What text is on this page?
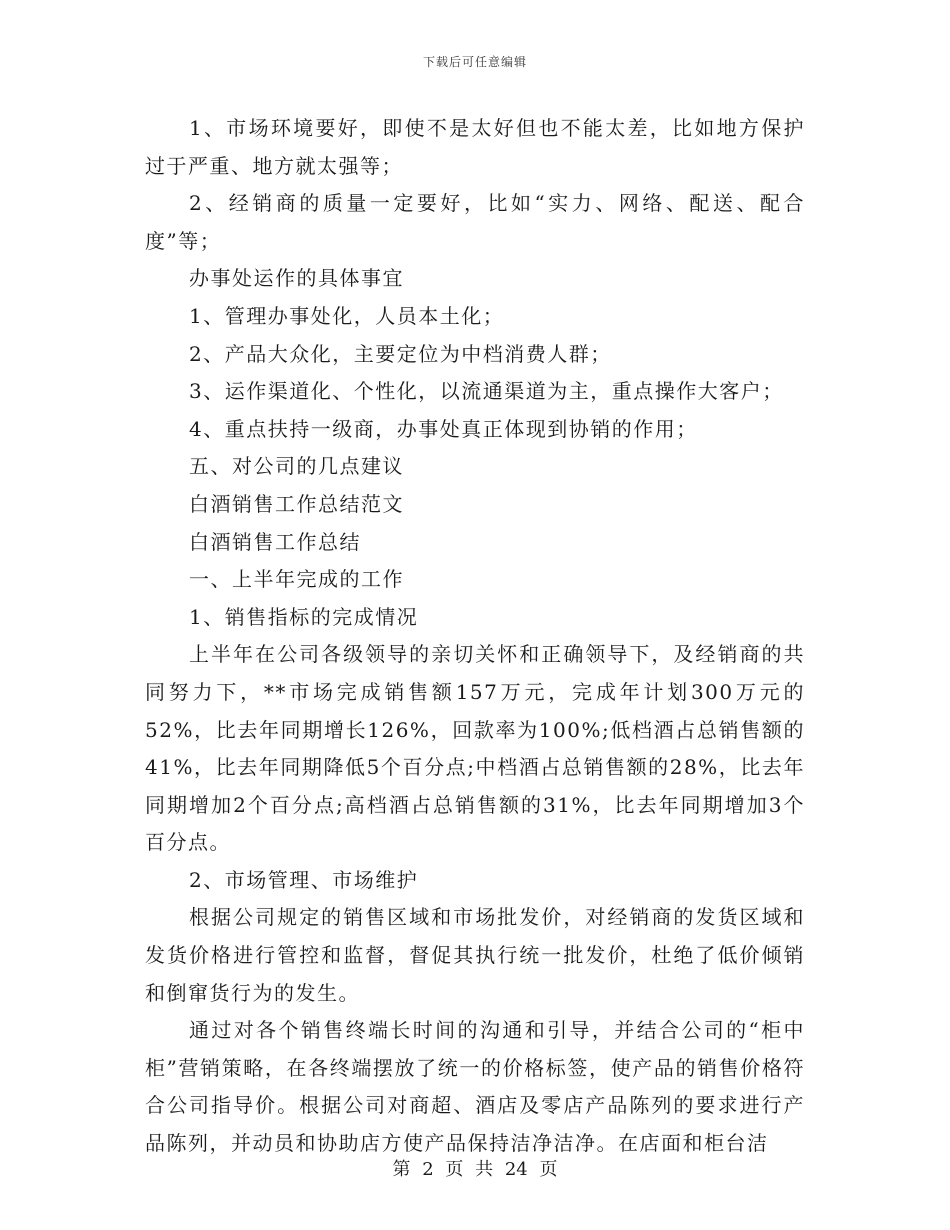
下载后可任意编辑

1、市场环境要好，即使不是太好但也不能太差，比如地方保护过于严重、地方就太强等；

2、经销商的质量一定要好，比如“实力、网络、配送、配合度”等；

办事处运作的具体事宜

1、管理办事处化，人员本土化；

2、产品大众化，主要定位为中档消费人群；

3、运作渠道化、个性化，以流通渠道为主，重点操作大客户；

4、重点扶持一级商，办事处真正体现到协销的作用；

五、对公司的几点建议

白酒销售工作总结范文

白酒销售工作总结

一、上半年完成的工作

1、销售指标的完成情况

上半年在公司各级领导的亲切关怀和正确领导下，及经销商的共同努力下，**市场完成销售额157万元，完成年计划300万元的52%，比去年同期增长126%，回款率为100%;低档酒占总销售额的41%，比去年同期降低5个百分点;中档酒占总销售额的28%，比去年同期增加2个百分点;高档酒占总销售额的31%，比去年同期增加3个百分点。

2、市场管理、市场维护

根据公司规定的销售区域和市场批发价，对经销商的发货区域和发货价格进行管控和监督，督促其执行统一批发价，杜绝了低价倾销和倒窜货行为的发生。

通过对各个销售终端长时间的沟通和引导，并结合公司的“柜中柜”营销策略，在各终端摆放了统一的价格标签，使产品的销售价格符合公司指导价。根据公司对商超、酒店及零店产品陈列的要求进行产品陈列，并动员和协助店方使产品保持洁净洁净。在店面和柜台洁

第 2 页 共 24 页
